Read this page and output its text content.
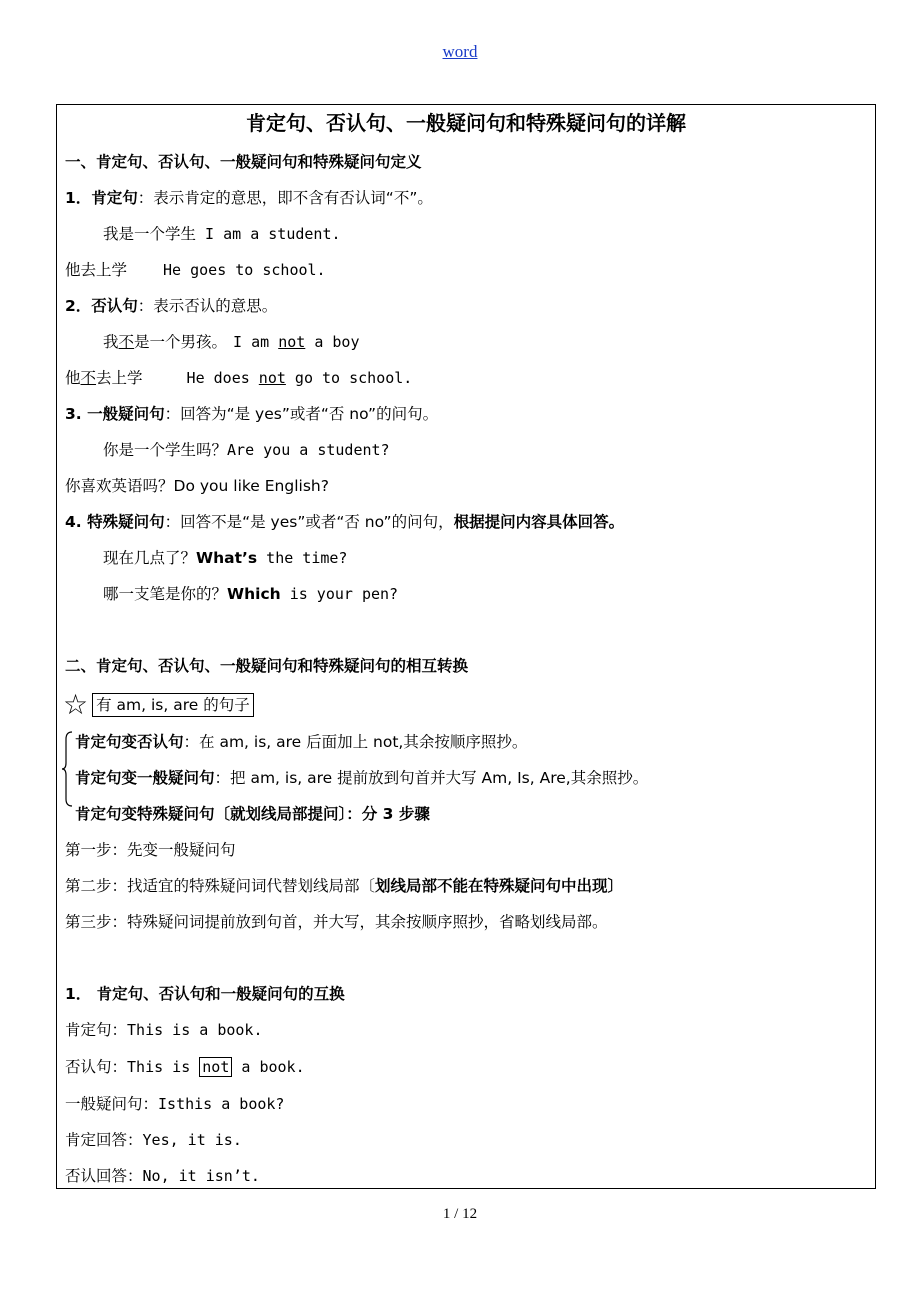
word
肯定句、否认句、一般疑问句和特殊疑问句的详解
一、肯定句、否认句、一般疑问句和特殊疑问句定义
1．肯定句：表示肯定的意思，即不含有否认词“不”。
我是一个学生 I am a student.
他去上学 He goes to school.
2．否认句：表示否认的意思。
我不是一个男孩。 I am not a boy
他不去上学	He does not go to school.
3. 一般疑问句：回答为“是 yes”或者“否 no”的问句。
你是一个学生吗？Are you a student?
你喜欢英语吗？Do you like English?
4. 特殊疑问句：回答不是“是 yes”或者“否 no”的问句，根据提问内容具体回答。
现在几点了？What’s the time?
哪一支笔是你的？Which is your pen?
二、肯定句、否认句、一般疑问句和特殊疑问句的相互转换
☆ 有 am, is, are 的句子
肯定句变否认句：在 am, is, are 后面加上 not,其余按顺序照抄。
肯定句变一般疑问句：把 am, is, are 提前放到句首并大写 Am, Is, Are,其余照抄。
肯定句变特殊疑问句〔就划线局部提问〕：分 3 步骤
第一步：先变一般疑问句
第二步：找适宜的特殊疑问词代替划线局部〔划线局部不能在特殊疑问句中出现〕
第三步：特殊疑问词提前放到句首，并大写，其余按顺序照抄，省略划线局部。
1． 肯定句、否认句和一般疑问句的互换
肯定句：This is a book.
否认句：This is not a book.
一般疑问句：Isthis a book?
肯定回答：Yes, it is.
否认回答：No, it isn’t.
1 / 12
